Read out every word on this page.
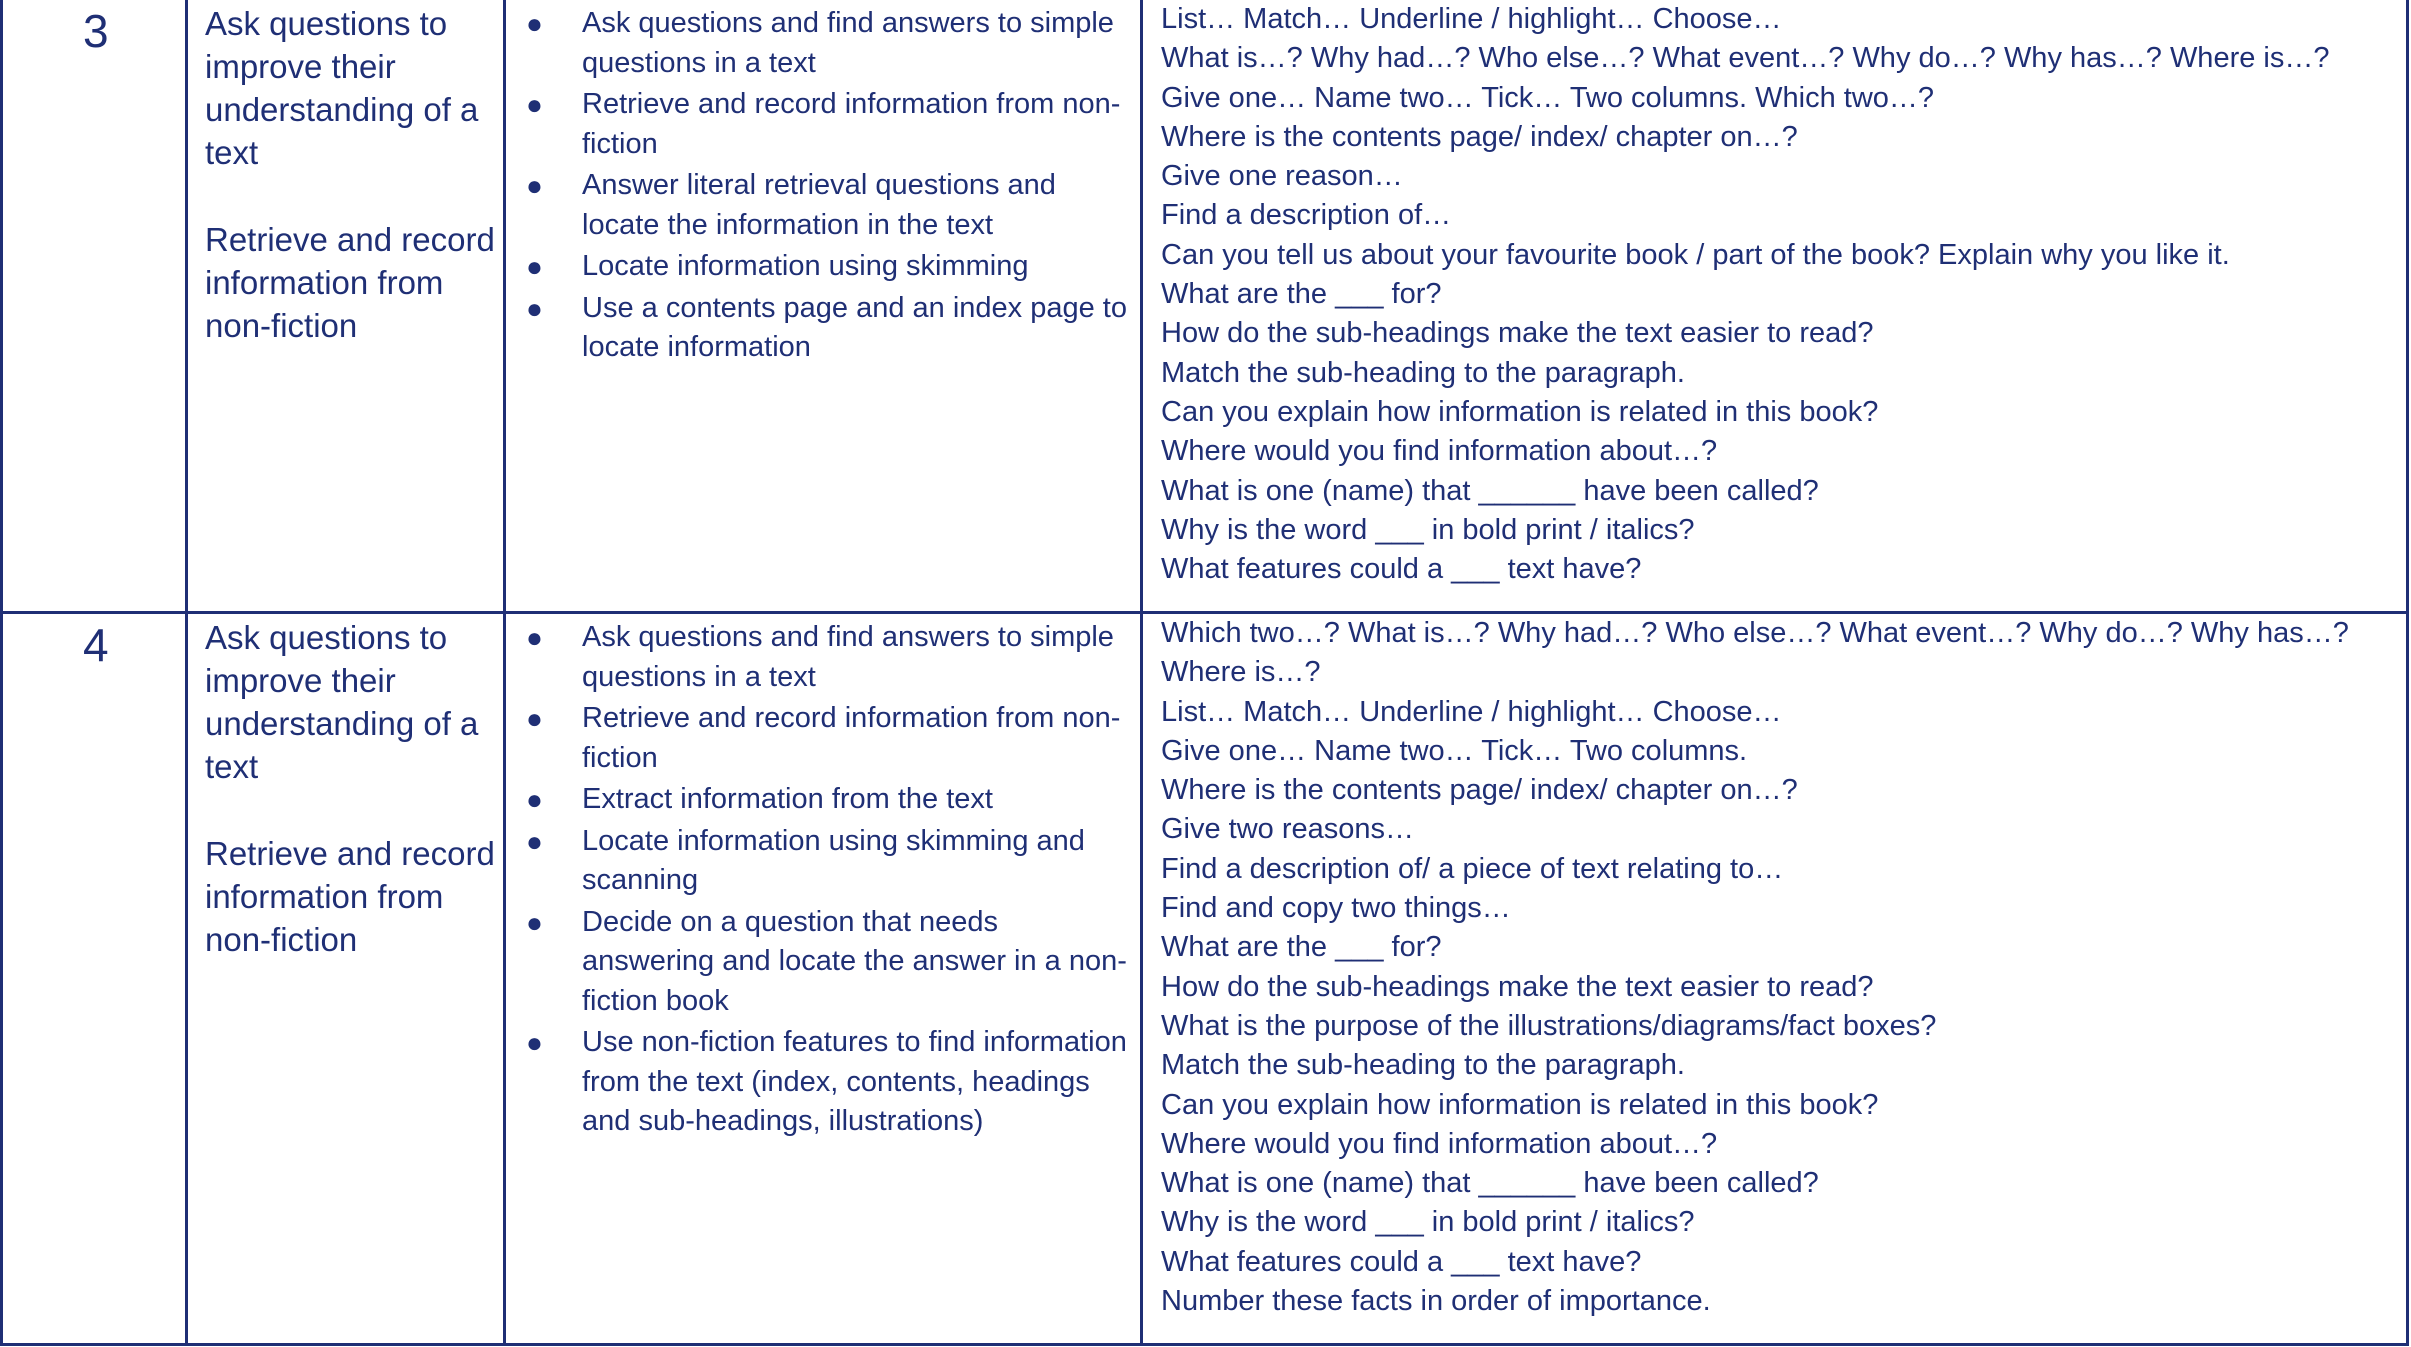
3	Ask questions to improve their understanding of a text
Retrieve and record information from non-fiction
● Ask questions and find answers to simple questions in a text
● Retrieve and record information from non-fiction
● Answer literal retrieval questions and locate the information in the text
● Locate information using skimming
● Use a contents page and an index page to locate information
List… Match… Underline / highlight… Choose…
What is…? Why had…? Who else…? What event…? Why do…? Why has…? Where is…?
Give one… Name two… Tick… Two columns. Which two…?
Where is the contents page/ index/ chapter on…?
Give one reason…
Find a description of…
Can you tell us about your favourite book / part of the book? Explain why you like it.
What are the ___ for?
How do the sub-headings make the text easier to read?
Match the sub-heading to the paragraph.
Can you explain how information is related in this book?
Where would you find information about…?
What is one (name) that ______ have been called?
Why is the word ___ in bold print / italics?
What features could a ___ text have?
4	Ask questions to improve their understanding of a text
Retrieve and record information from non-fiction
● Ask questions and find answers to simple questions in a text
● Retrieve and record information from non-fiction
● Extract information from the text
● Locate information using skimming and scanning
● Decide on a question that needs answering and locate the answer in a non-fiction book
● Use non-fiction features to find information from the text (index, contents, headings and sub-headings, illustrations)
Which two…? What is…? Why had…? Who else…? What event…? Why do…? Why has…?
Where is…?
List… Match… Underline / highlight… Choose…
Give one… Name two… Tick… Two columns.
Where is the contents page/ index/ chapter on…?
Give two reasons…
Find a description of/ a piece of text relating to…
Find and copy two things…
What are the ___ for?
How do the sub-headings make the text easier to read?
What is the purpose of the illustrations/diagrams/fact boxes?
Match the sub-heading to the paragraph.
Can you explain how information is related in this book?
Where would you find information about…?
What is one (name) that ______ have been called?
Why is the word ___ in bold print / italics?
What features could a ___ text have?
Number these facts in order of importance.
